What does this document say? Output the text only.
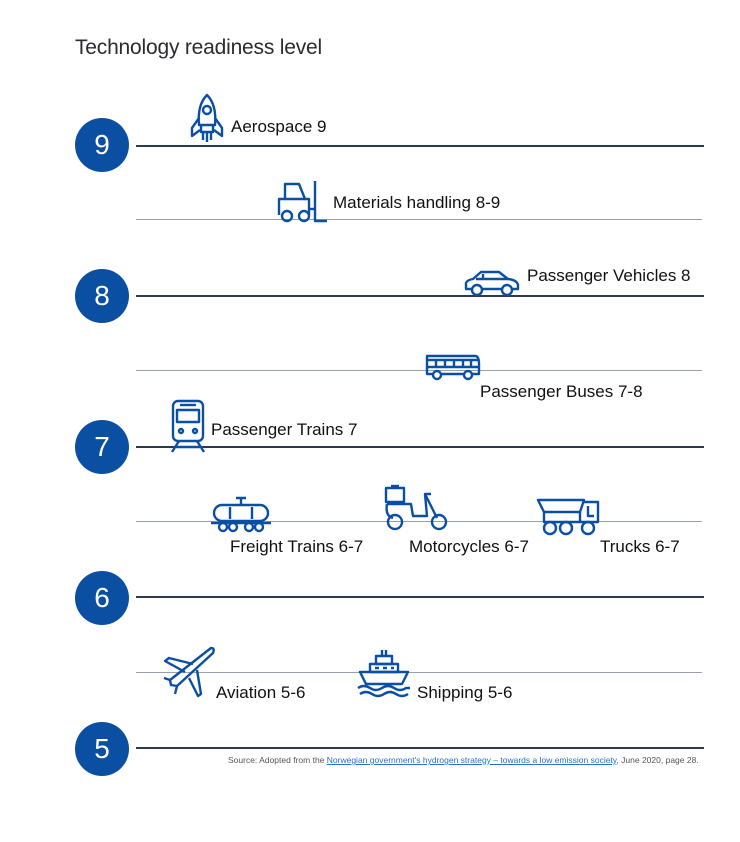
Technology readiness level
9
8
7
6
5
Aerospace 9
Materials handling 8-9
Passenger Vehicles 8
Passenger Buses 7-8
Passenger Trains 7
Freight Trains 6-7	Motorcycles 6-7	Trucks 6-7
Aviation 5-6	Shipping 5-6
Source: Adopted from the Norwegian government's hydrogen strategy – towards a low emission society, June 2020, page 28.
